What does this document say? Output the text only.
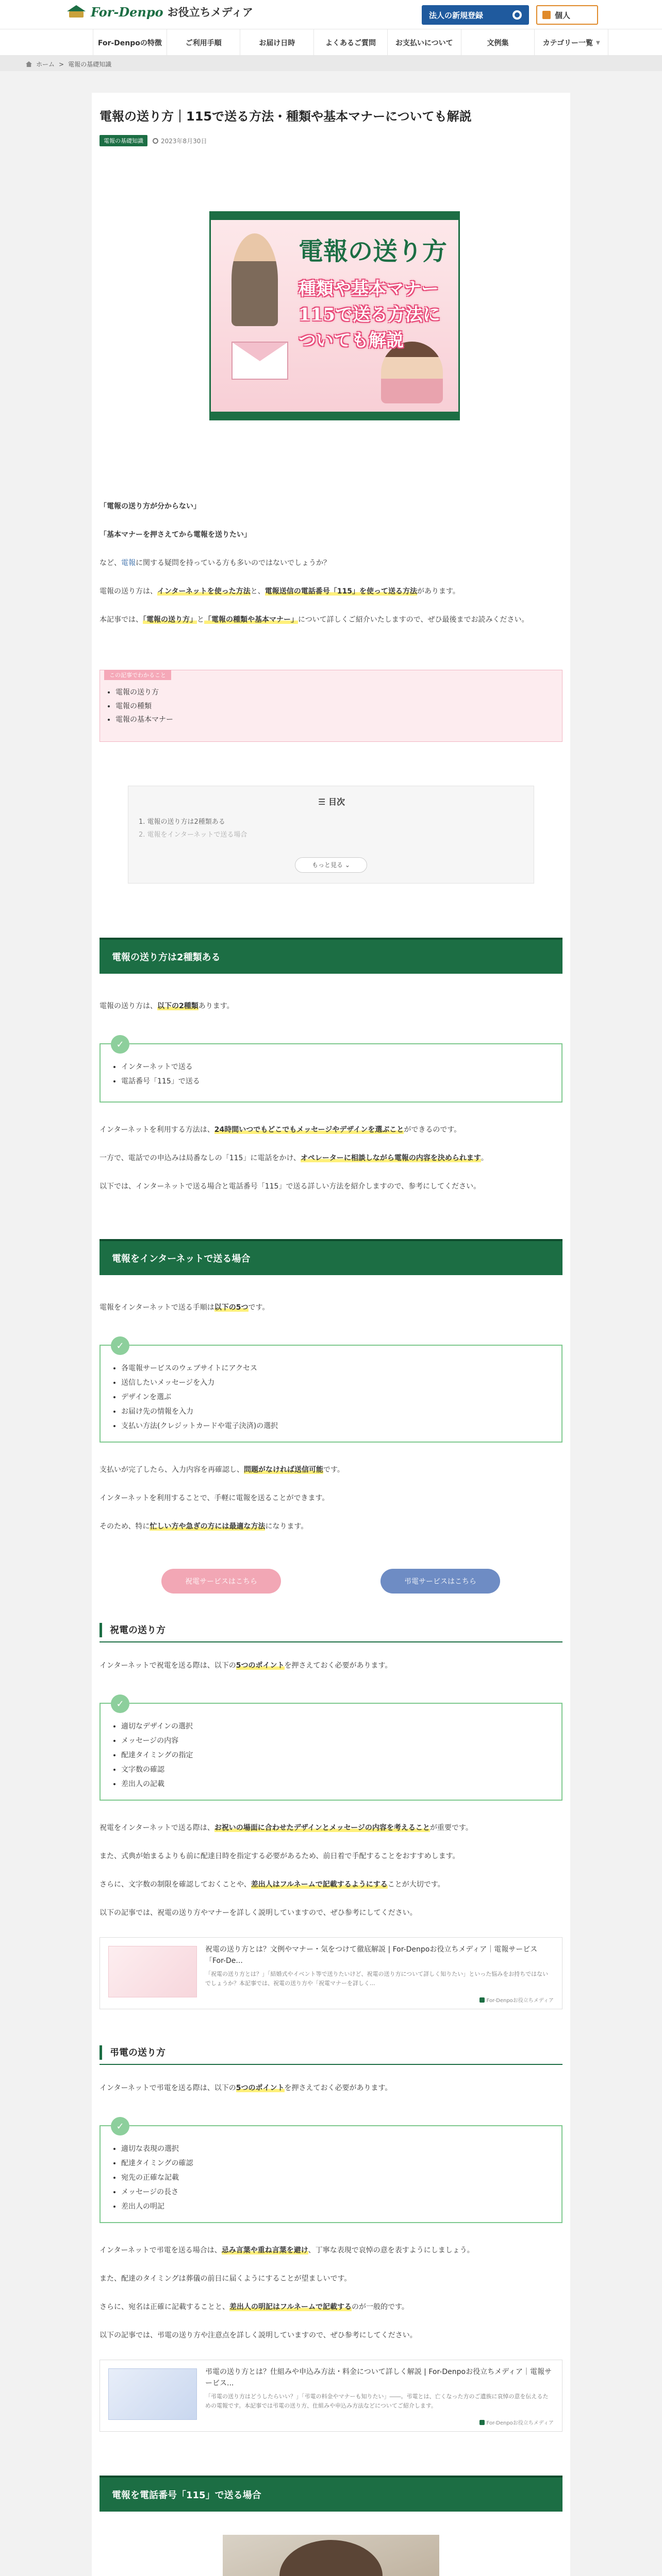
For-Denpo お役立ちメディア	法人の新規登録	個人
For-Denpoの特徴	ご利用手順	お届け日時	よくあるご質問	お支払いについて	文例集	カテゴリー一覧 ▼
ホーム > 電報の基礎知識
電報の送り方｜115で送る方法・種類や基本マナーについても解説
電報の基礎知識	2023年8月30日
電報の送り方
種類や基本マナー
115で送る方法に
ついても解説
「電報の送り方が分からない」
「基本マナーを押さえてから電報を送りたい」
など、電報に関する疑問を持っている方も多いのではないでしょうか？
電報の送り方は、インターネットを使った方法と、電報送信の電話番号「115」を使って送る方法があります。
本記事では、「電報の送り方」と「電報の種類や基本マナー」について詳しくご紹介いたしますので、ぜひ最後までお読みください。
この記事でわかること
• 電報の送り方
• 電報の種類
• 電報の基本マナー
☰ 目次
1. 電報の送り方は2種類ある
2. 電報をインターネットで送る場合
もっと見る ⌄
電報の送り方は2種類ある
電報の送り方は、以下の2種類あります。
✓
• インターネットで送る
• 電話番号「115」で送る
インターネットを利用する方法は、24時間いつでもどこでもメッセージやデザインを選ぶことができるのです。
一方で、電話での申込みは局番なしの「115」に電話をかけ、オペレーターに相談しながら電報の内容を決められます。
以下では、インターネットで送る場合と電話番号「115」で送る詳しい方法を紹介しますので、参考にしてください。
電報をインターネットで送る場合
電報をインターネットで送る手順は以下の5つです。
✓
• 各電報サービスのウェブサイトにアクセス
• 送信したいメッセージを入力
• デザインを選ぶ
• お届け先の情報を入力
• 支払い方法(クレジットカードや電子決済)の選択
支払いが完了したら、入力内容を再確認し、問題がなければ送信可能です。
インターネットを利用することで、手軽に電報を送ることができます。
そのため、特に忙しい方や急ぎの方には最適な方法になります。
祝電サービスはこちら	弔電サービスはこちら
祝電の送り方
インターネットで祝電を送る際は、以下の5つのポイントを押さえておく必要があります。
✓
• 適切なデザインの選択
• メッセージの内容
• 配達タイミングの指定
• 文字数の確認
• 差出人の記載
祝電をインターネットで送る際は、お祝いの場面に合わせたデザインとメッセージの内容を考えることが重要です。
また、式典が始まるよりも前に配達日時を指定する必要があるため、前日着で手配することをおすすめします。
さらに、文字数の制限を確認しておくことや、差出人はフルネームで記載するようにすることが大切です。
以下の記事では、祝電の送り方やマナーを詳しく説明していますので、ぜひ参考にしてください。
祝電の送り方とは？文例やマナー・気をつけて徹底解説 | For-Denpoお役立ちメディア｜電報サービス「For-De...
「祝電の送り方とは？」「結婚式やイベント等で送りたいけど、祝電の送り方について詳しく知りたい」といった悩みをお持ちではないでしょうか？本記事では、祝電の送り方や「祝電マナーを詳しく...
For-Denpoお役立ちメディア
弔電の送り方
インターネットで弔電を送る際は、以下の5つのポイントを押さえておく必要があります。
✓
• 適切な表現の選択
• 配達タイミングの確認
• 宛先の正確な記載
• メッセージの長さ
• 差出人の明記
インターネットで弔電を送る場合は、忌み言葉や重ね言葉を避け、丁寧な表現で哀悼の意を表すようにしましょう。
また、配達のタイミングは葬儀の前日に届くようにすることが望ましいです。
さらに、宛名は正確に記載することと、差出人の明記はフルネームで記載するのが一般的です。
以下の記事では、弔電の送り方や注意点を詳しく説明していますので、ぜひ参考にしてください。
弔電の送り方とは？仕組みや申込み方法・料金について詳しく解説 | For-Denpoお役立ちメディア｜電報サービス...
「弔電の送り方はどうしたらいい？」「弔電の料金やマナーも知りたい」――。弔電とは、亡くなった方のご遺族に哀悼の意を伝えるための電報です。本記事では弔電の送り方、仕組みや申込み方法などについてご紹介します。
For-Denpoお役立ちメディア
電報を電話番号「115」で送る場合
